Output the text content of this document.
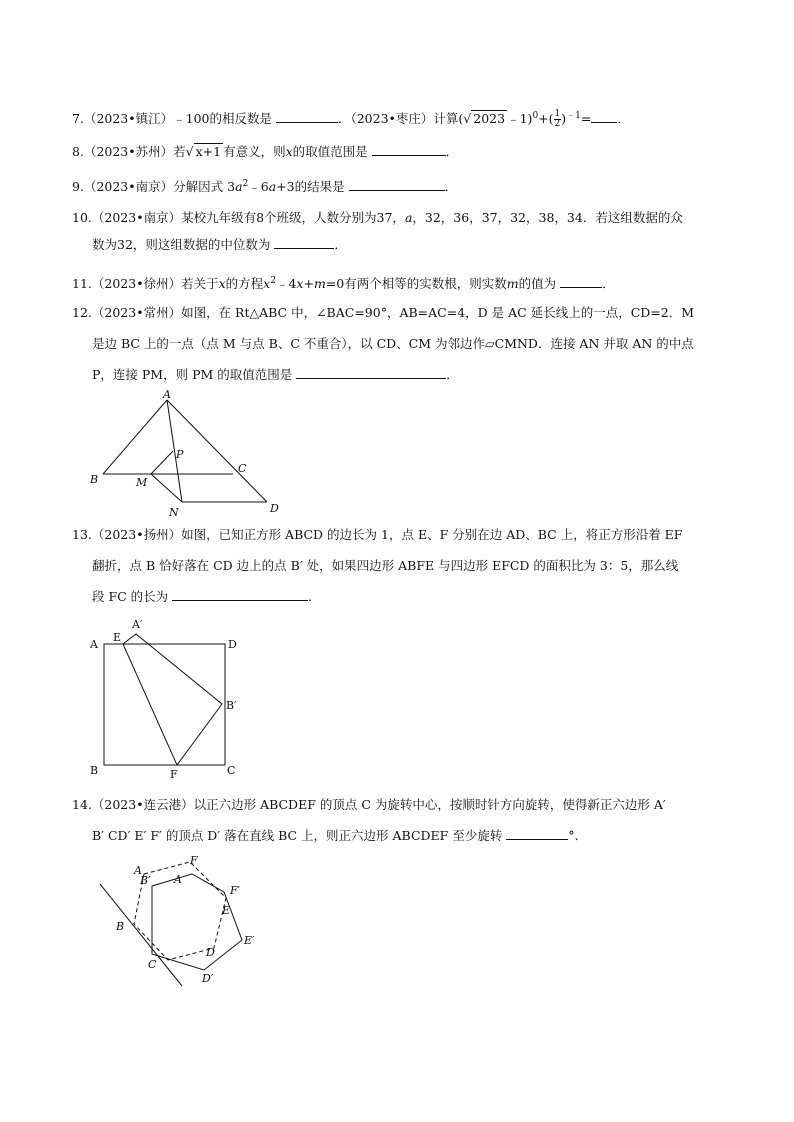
7.（2023•镇江）﹣100的相反数是	．（2023•枣庄）计算(√ 2023 ﹣1)$^0$+( $\frac{1}{2} )^{﹣1}=$ ．
8.（2023•苏州）若√ x+1 有意义，则x的取值范围是	．
9.（2023•南京）分解因式 $3a^2﹣6a+3$的结果是	．
10.（2023•南京）某校九年级有8个班级，人数分别为37，a，32，36，37，32，38，34．若这组数据的众
数为32，则这组数据的中位数为	．
11.（2023•徐州）若关于x的方程$x^2﹣4x+m=0$有两个相等的实数根，则实数m的值为	．
12.（2023•常州）如图，在 Rt△ABC 中，∠BAC=90°，AB=AC=4，D 是 AC 延长线上的一点，CD=2．M
是边 BC 上的一点（点 M 与点 B、C 不重合），以 CD、CM 为邻边作▱CMND．连接 AN 并取 AN 的中点
P，连接 PM，则 PM 的取值范围是	．
A
B
C
D
M
P
N
13.（2023•扬州）如图，已知正方形 ABCD 的边长为 1，点 E、F 分别在边 AD、BC 上，将正方形沿着 EF
翻折，点 B 恰好落在 CD 边上的点 B′ 处，如果四边形 ABFE 与四边形 EFCD 的面积比为 3：5，那么线
段 FC 的长为	．
A
E
A′
D
B′
B	F	C
14.（2023•连云港）以正六边形 ABCDEF 的顶点 C 为旋转中心，按顺时针方向旋转，使得新正六边形 A′
B′ CD′ E′ F′ 的顶点 D′ 落在直线 BC 上，则正六边形 ABCDEF 至少旋转	°．
A
F
B′ A
F′
E
B
D
E′
C
D′
